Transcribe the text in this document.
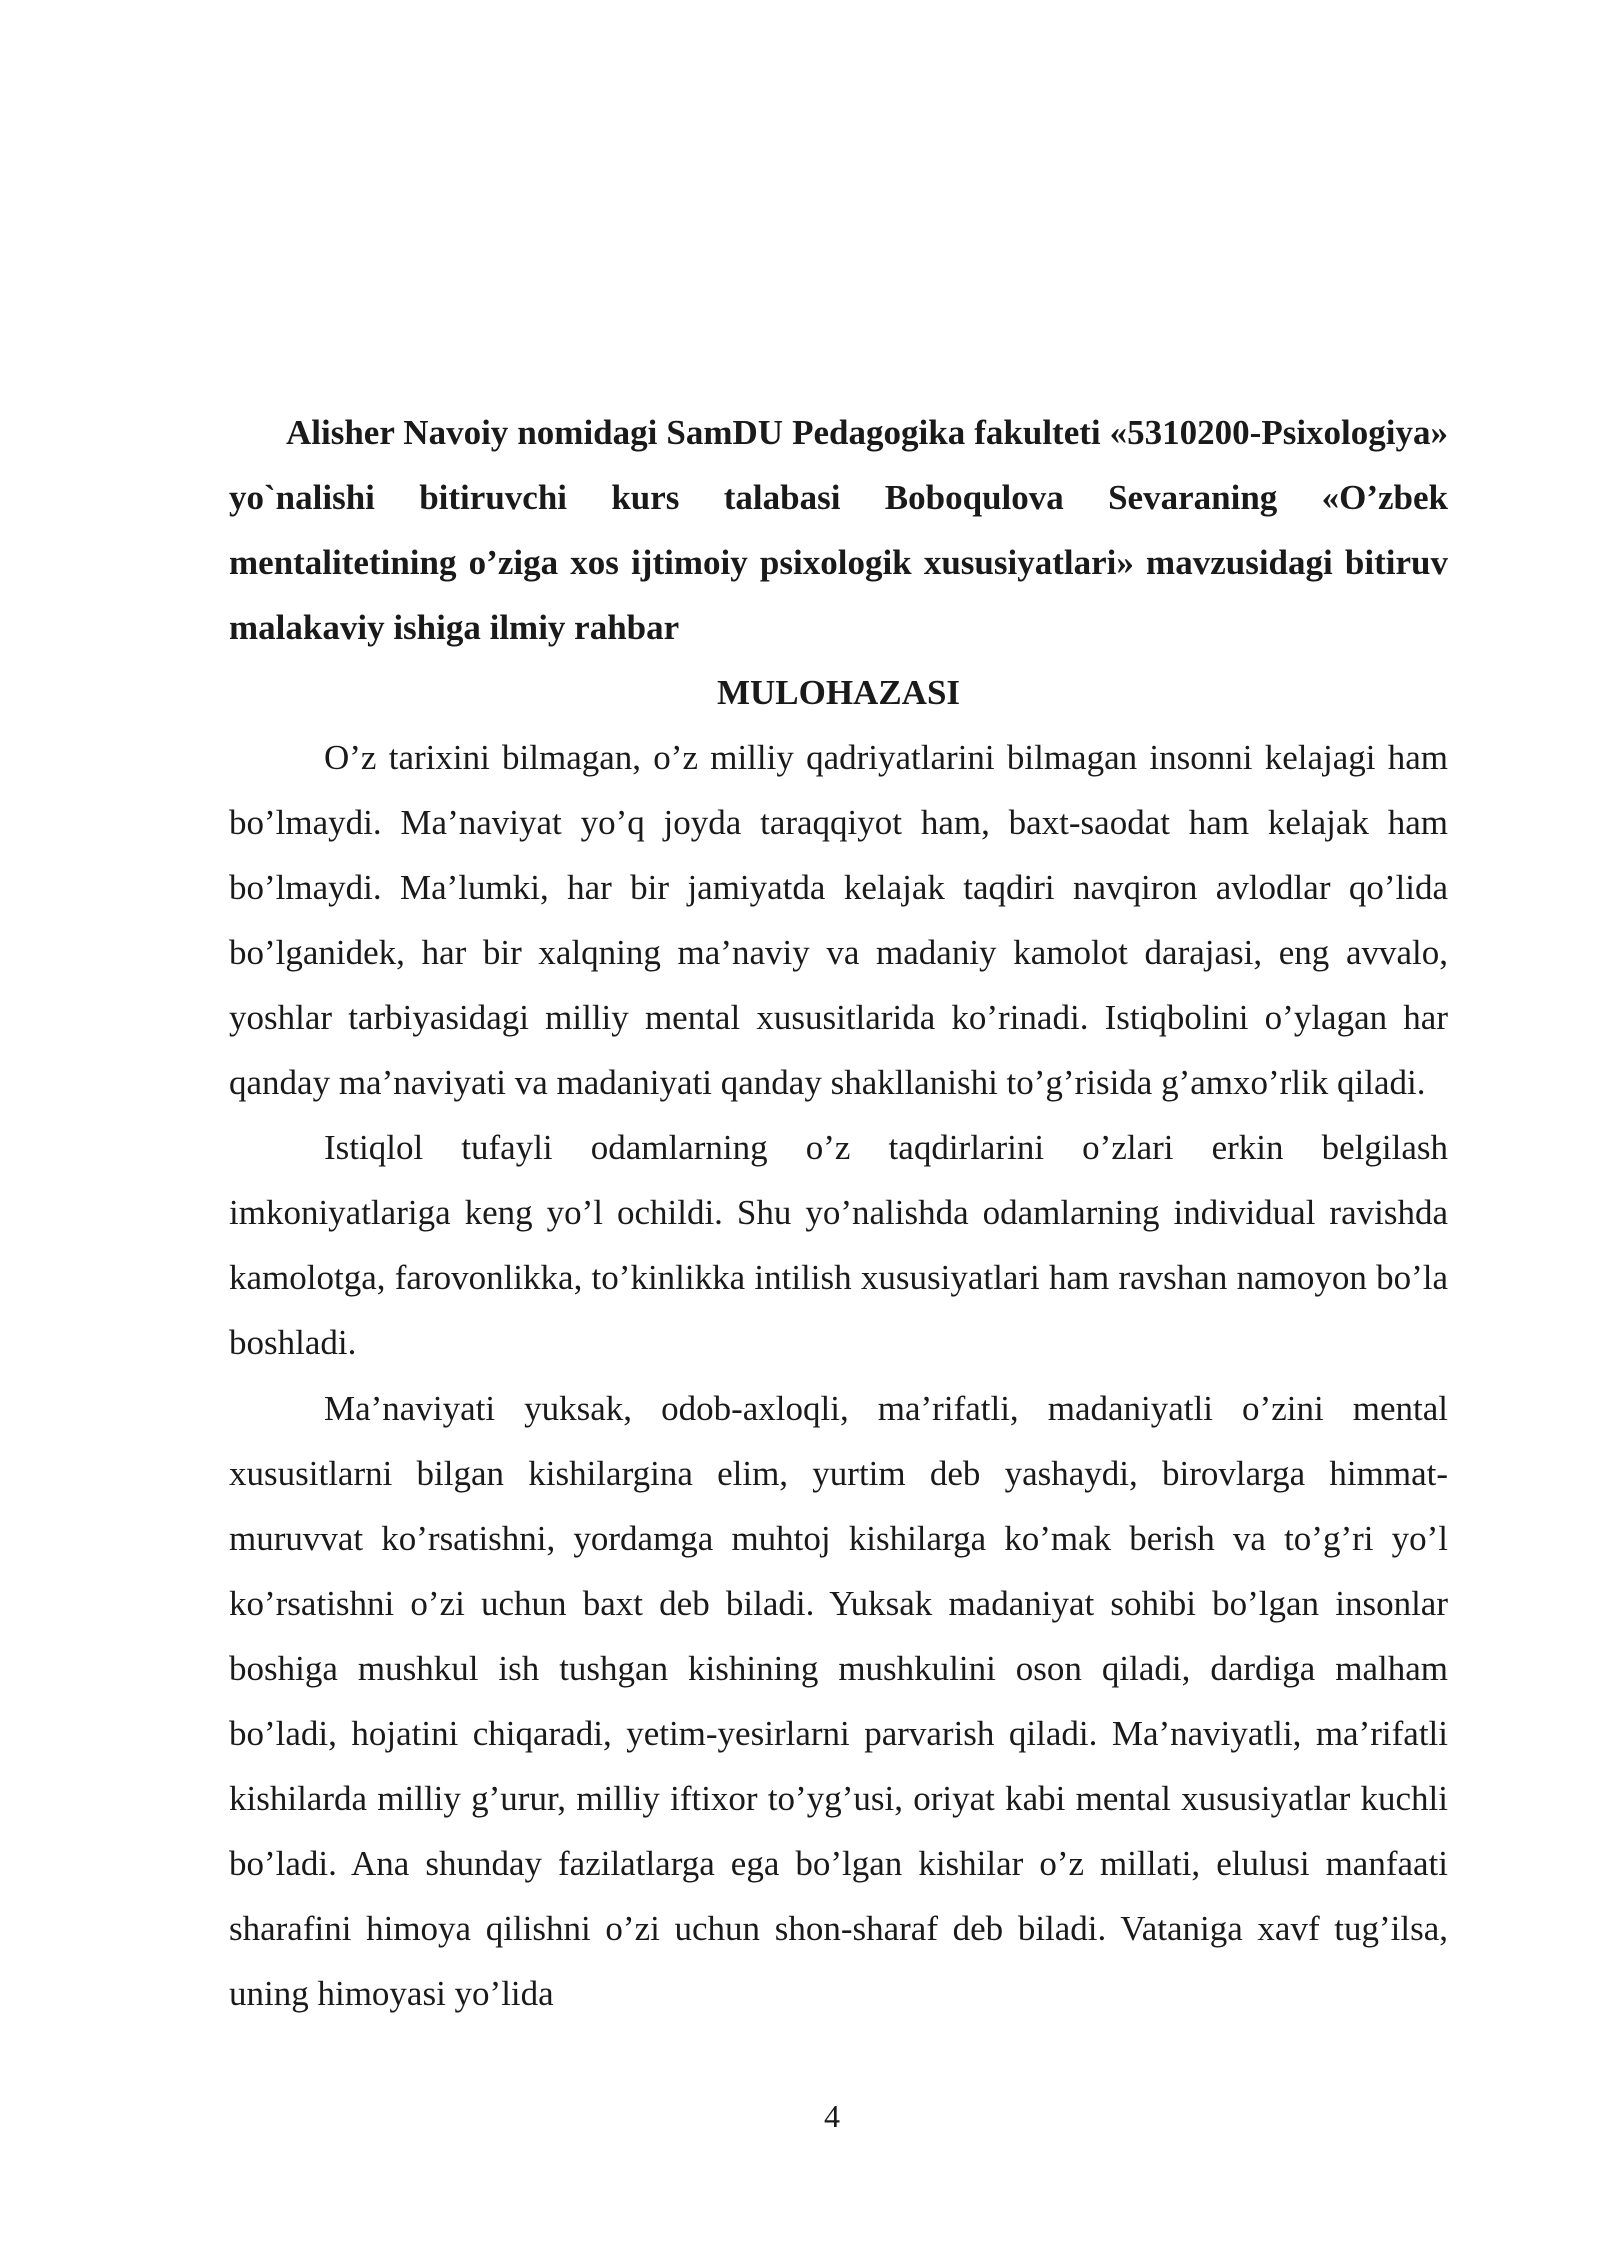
Alisher Navoiy nomidagi SamDU Pedagogika fakulteti «5310200-Psixologiya» yo`nalishi bitiruvchi kurs talabasi Boboqulova Sevaraning «O’zbek mentalitetining o’ziga xos ijtimoiy psixologik xususiyatlari» mavzusidagi bitiruv malakaviy ishiga ilmiy rahbar

MULOHAZASI

O’z tarixini bilmagan, o’z milliy qadriyatlarini bilmagan insonni kelajagi ham bo’lmaydi. Ma’naviyat yo’q joyda taraqqiyot ham, baxt-saodat ham kelajak ham bo’lmaydi. Ma’lumki, har bir jamiyatda kelajak taqdiri navqiron avlodlar qo’lida bo’lganidek, har bir xalqning ma’naviy va madaniy kamolot darajasi, eng avvalo, yoshlar tarbiyasidagi milliy mental xususitlarida ko’rinadi. Istiqbolini o’ylagan har qanday ma’naviyati va madaniyati qanday shakllanishi to’g’risida g’amxo’rlik qiladi.

Istiqlol tufayli odamlarning o’z taqdirlarini o’zlari erkin belgilash imkoniyatlariga keng yo’l ochildi. Shu yo’nalishda odamlarning individual ravishda kamolotga, farovonlikka, to’kinlikka intilish xususiyatlari ham ravshan namoyon bo’la boshladi.

Ma’naviyati yuksak, odob-axloqli, ma’rifatli, madaniyatli o’zini mental xususitlarni bilgan kishilargina elim, yurtim deb yashaydi, birovlarga himmat-muruvvat ko’rsatishni, yordamga muhtoj kishilarga ko’mak berish va to’g’ri yo’l ko’rsatishni o’zi uchun baxt deb biladi. Yuksak madaniyat sohibi bo’lgan insonlar boshiga mushkul ish tushgan kishining mushkulini oson qiladi, dardiga malham bo’ladi, hojatini chiqaradi, yetim-yesirlarni parvarish qiladi. Ma’naviyatli, ma’rifatli kishilarda milliy g’urur, milliy iftixor to’yg’usi, oriyat kabi mental xususiyatlar kuchli bo’ladi. Ana shunday fazilatlarga ega bo’lgan kishilar o’z millati, elulusi manfaati sharafini himoya qilishni o’zi uchun shon-sharaf deb biladi. Vataniga xavf tug’ilsa, uning himoyasi yo’lida

4
